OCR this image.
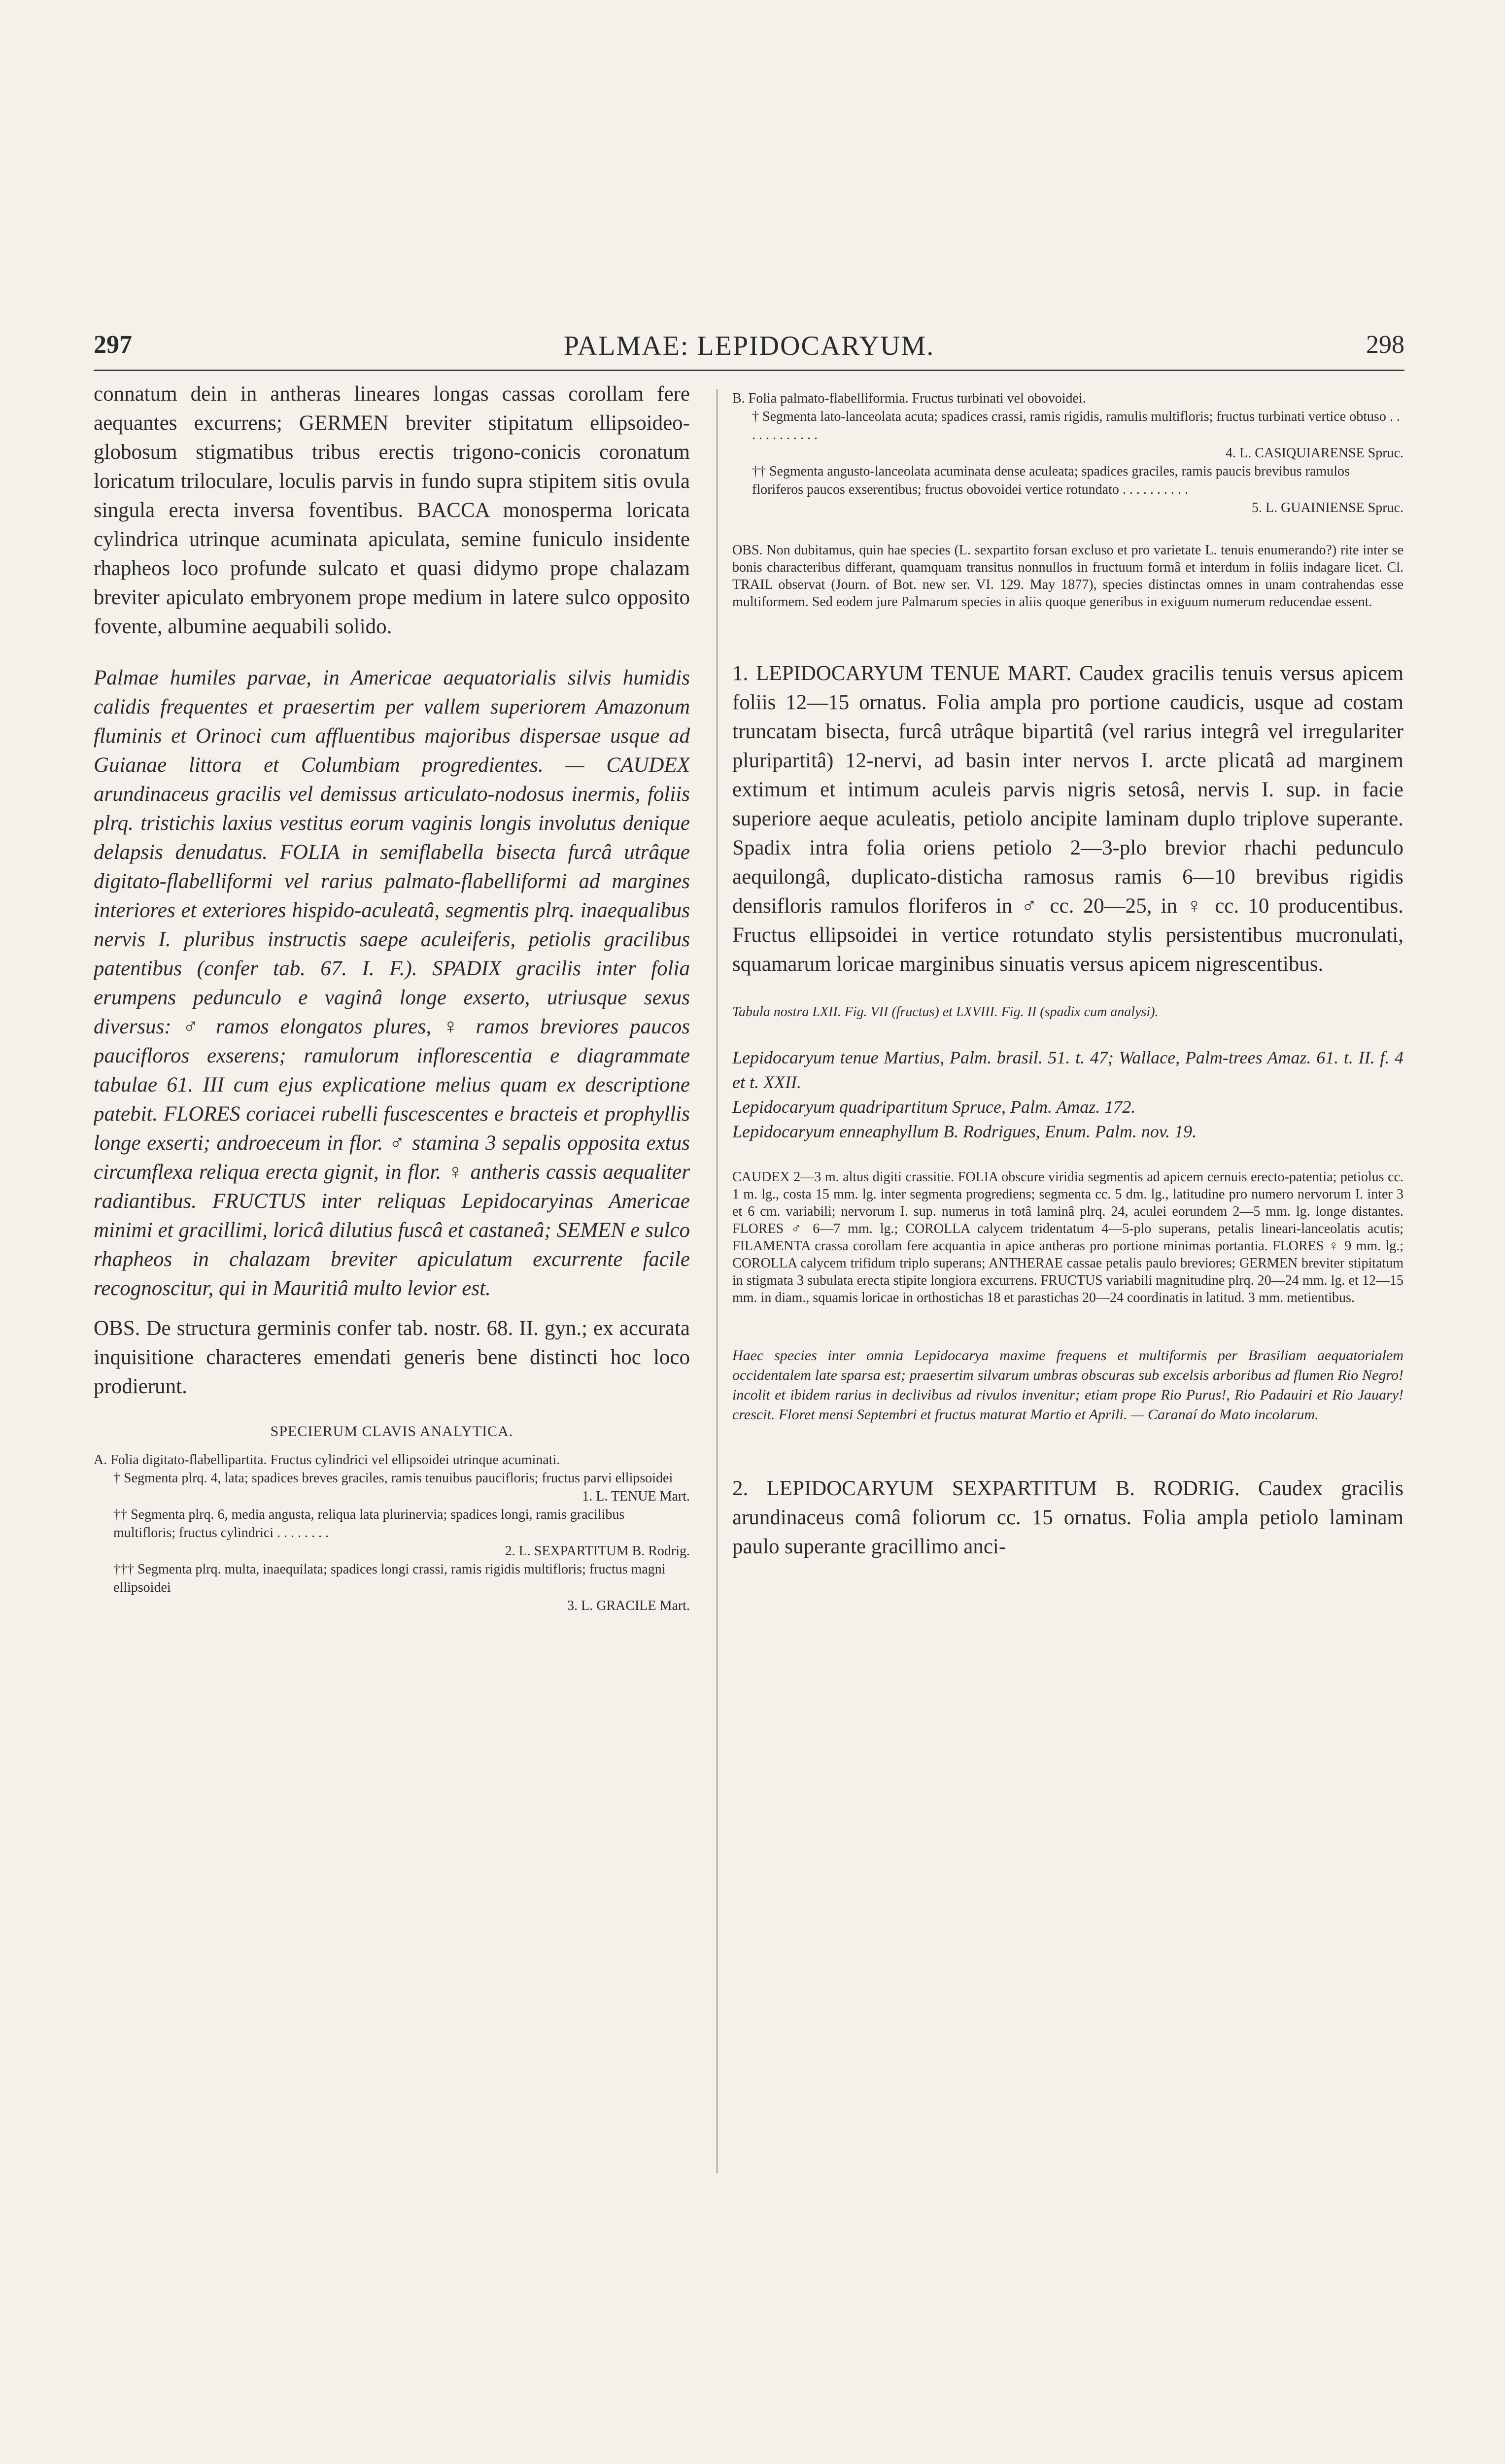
297	PALMAE: LEPIDOCARYUM.	298

connatum dein in antheras lineares longas cassas corollam fere aequantes excurrens; GERMEN breviter stipitatum ellipsoideo-globosum stigmatibus tribus erectis trigono-conicis coronatum loricatum triloculare, loculis parvis in fundo supra stipitem sitis ovula singula erecta inversa foventibus. BACCA monosperma loricata cylindrica utrinque acuminata apiculata, semine funiculo insidente rhapheos loco profunde sulcato et quasi didymo prope chalazam breviter apiculato embryonem prope medium in latere sulco opposito fovente, albumine aequabili solido.

Palmae humiles parvae, in Americae aequatorialis silvis humidis calidis frequentes et praesertim per vallem superiorem Amazonum fluminis et Orinoci cum affluentibus majoribus dispersae usque ad Guianae littora et Columbiam progredientes. — CAUDEX arundinaceus gracilis vel demissus articulato-nodosus inermis, foliis plrq. tristichis laxius vestitus eorum vaginis longis involutus denique delapsis denudatus. FOLIA in semiflabella bisecta furcâ utrâque digitato-flabelliformi vel rarius palmato-flabelliformi ad margines interiores et exteriores hispido-aculeatâ, segmentis plrq. inaequalibus nervis I. pluribus instructis saepe aculeiferis, petiolis gracilibus patentibus (confer tab. 67. I. F.). SPADIX gracilis inter folia erumpens pedunculo e vaginâ longe exserto, utriusque sexus diversus: ♂ ramos elongatos plures, ♀ ramos breviores paucos paucifloros exserens; ramulorum inflorescentia e diagrammate tabulae 61. III cum ejus explicatione melius quam ex descriptione patebit. FLORES coriacei rubelli fuscescentes e bracteis et prophyllis longe exserti; androeceum in flor. ♂ stamina 3 sepalis opposita extus circumflexa reliqua erecta gignit, in flor. ♀ antheris cassis aequaliter radiantibus. FRUCTUS inter reliquas Lepidocaryinas Americae minimi et gracillimi, loricâ dilutius fuscâ et castaneâ; SEMEN e sulco rhapheos in chalazam breviter apiculatum excurrente facile recognoscitur, qui in Mauritiâ multo levior est.

OBS. De structura germinis confer tab. nostr. 68. II. gyn.; ex accurata inquisitione characteres emendati generis bene distincti hoc loco prodierunt.

SPECIERUM CLAVIS ANALYTICA.
A. Folia digitato-flabellipartita. Fructus cylindrici vel ellipsoidei utrinque acuminati.
† Segmenta plrq. 4, lata; spadices breves graciles, ramis tenuibus paucifloris; fructus parvi ellipsoidei
1. L. TENUE Mart.
†† Segmenta plrq. 6, media angusta, reliqua lata plurinervia; spadices longi, ramis gracilibus multifloris; fructus cylindrici . . . . . . . .
2. L. SEXPARTITUM B. Rodrig.
††† Segmenta plrq. multa, inaequilata; spadices longi crassi, ramis rigidis multifloris; fructus magni ellipsoidei
3. L. GRACILE Mart.
B. Folia palmato-flabelliformia. Fructus turbinati vel obovoidei.
† Segmenta lato-lanceolata acuta; spadices crassi, ramis rigidis, ramulis multifloris; fructus turbinati vertice obtuso . . . . . . . . . . . .
4. L. CASIQUIARENSE Spruc.
†† Segmenta angusto-lanceolata acuminata dense aculeata; spadices graciles, ramis paucis brevibus ramulos floriferos paucos exserentibus; fructus obovoidei vertice rotundato . . . . . . . . . .
5. L. GUAINIENSE Spruc.

OBS. Non dubitamus, quin hae species (L. sexpartito forsan excluso et pro varietate L. tenuis enumerando?) rite inter se bonis characteribus differant, quamquam transitus nonnullos in fructuum formâ et interdum in foliis indagare licet. Cl. TRAIL observat (Journ. of Bot. new ser. VI. 129. May 1877), species distinctas omnes in unam contrahendas esse multiformem. Sed eodem jure Palmarum species in aliis quoque generibus in exiguum numerum reducendae essent.

1. LEPIDOCARYUM TENUE MART. Caudex gracilis tenuis versus apicem foliis 12—15 ornatus. Folia ampla pro portione caudicis, usque ad costam truncatam bisecta, furcâ utrâque bipartitâ (vel rarius integrâ vel irregulariter pluripartitâ) 12-nervi, ad basin inter nervos I. arcte plicatâ ad marginem extimum et intimum aculeis parvis nigris setosâ, nervis I. sup. in facie superiore aeque aculeatis, petiolo ancipite laminam duplo triplove superante. Spadix intra folia oriens petiolo 2—3-plo brevior rhachi pedunculo aequilongâ, duplicato-disticha ramosus ramis 6—10 brevibus rigidis densifloris ramulos floriferos in ♂ cc. 20—25, in ♀ cc. 10 producentibus. Fructus ellipsoidei in vertice rotundato stylis persistentibus mucronulati, squamarum loricae marginibus sinuatis versus apicem nigrescentibus.

Tabula nostra LXII. Fig. VII (fructus) et LXVIII. Fig. II (spadix cum analysi).

Lepidocaryum tenue Martius, Palm. brasil. 51. t. 47; Wallace, Palm-trees Amaz. 61. t. II. f. 4 et t. XXII.

Lepidocaryum quadripartitum Spruce, Palm. Amaz. 172.

Lepidocaryum enneaphyllum B. Rodrigues, Enum. Palm. nov. 19.

CAUDEX 2—3 m. altus digiti crassitie. FOLIA obscure viridia segmentis ad apicem cernuis erecto-patentia; petiolus cc. 1 m. lg., costa 15 mm. lg. inter segmenta progrediens; segmenta cc. 5 dm. lg., latitudine pro numero nervorum I. inter 3 et 6 cm. variabili; nervorum I. sup. numerus in totâ laminâ plrq. 24, aculei eorundem 2—5 mm. lg. longe distantes. FLORES ♂ 6—7 mm. lg.; COROLLA calycem tridentatum 4—5-plo superans, petalis lineari-lanceolatis acutis; FILAMENTA crassa corollam fere acquantia in apice antheras pro portione minimas portantia. FLORES ♀ 9 mm. lg.; COROLLA calycem trifidum triplo superans; ANTHERAE cassae petalis paulo breviores; GERMEN breviter stipitatum in stigmata 3 subulata erecta stipite longiora excurrens. FRUCTUS variabili magnitudine plrq. 20—24 mm. lg. et 12—15 mm. in diam., squamis loricae in orthostichas 18 et parastichas 20—24 coordinatis in latitud. 3 mm. metientibus.

Haec species inter omnia Lepidocarya maxime frequens et multiformis per Brasiliam aequatorialem occidentalem late sparsa est; praesertim silvarum umbras obscuras sub excelsis arboribus ad flumen Rio Negro! incolit et ibidem rarius in declivibus ad rivulos invenitur; etiam prope Rio Purus!, Rio Padauiri et Rio Jauary! crescit. Floret mensi Septembri et fructus maturat Martio et Aprili. — Caranaí do Mato incolarum.

2. LEPIDOCARYUM SEXPARTITUM B. RODRIG. Caudex gracilis arundinaceus comâ foliorum cc. 15 ornatus. Folia ampla petiolo laminam paulo superante gracillimo anci-
